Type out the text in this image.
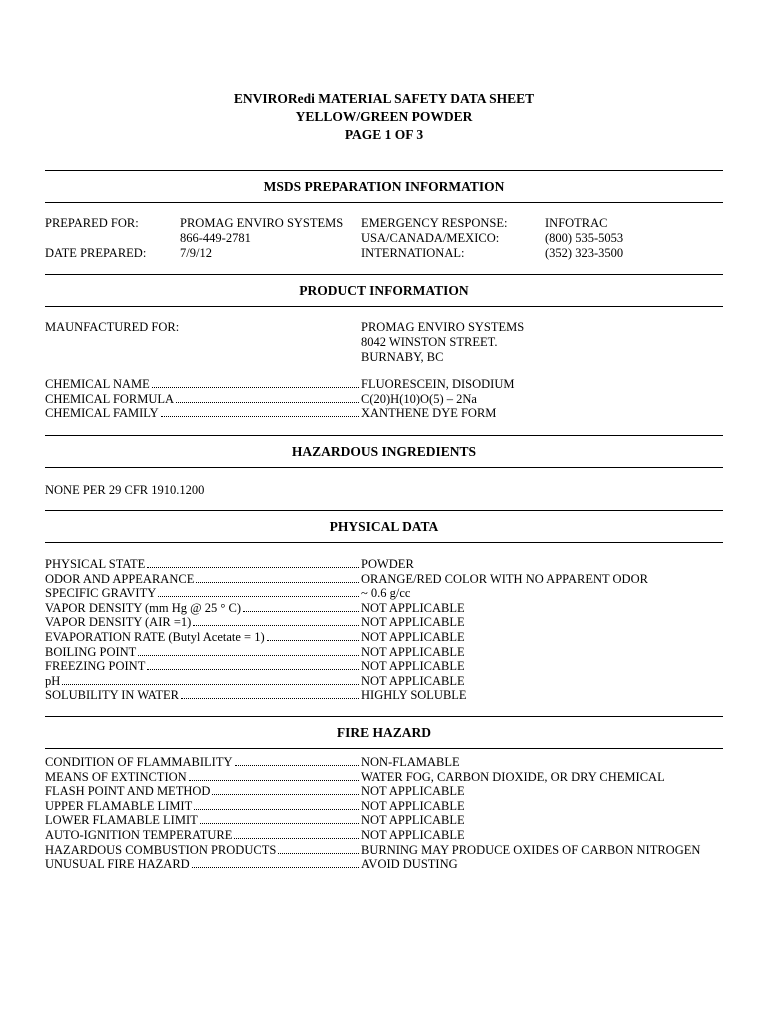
ENVIRORedi MATERIAL SAFETY DATA SHEET
YELLOW/GREEN POWDER
PAGE 1 OF 3
MSDS PREPARATION INFORMATION
PREPARED FOR:	PROMAG ENVIRO SYSTEMS
866-449-2781
DATE PREPARED:	7/9/12
EMERGENCY RESPONSE:	INFOTRAC
USA/CANADA/MEXICO:	(800) 535-5053
INTERNATIONAL:	(352) 323-3500
PRODUCT INFORMATION
MAUNFACTURED FOR:	PROMAG ENVIRO SYSTEMS
8042 WINSTON STREET.
BURNABY, BC
CHEMICAL NAME	FLUORESCEIN, DISODIUM
CHEMICAL FORMULA	C(20)H(10)O(5) – 2Na
CHEMICAL FAMILY	XANTHENE DYE FORM
HAZARDOUS INGREDIENTS
NONE PER 29 CFR 1910.1200
PHYSICAL DATA
PHYSICAL STATE	POWDER
ODOR AND APPEARANCE	ORANGE/RED COLOR WITH NO APPARENT ODOR
SPECIFIC GRAVITY	~ 0.6 g/cc
VAPOR DENSITY (mm Hg @ 25 ° C)	NOT APPLICABLE
VAPOR DENSITY (AIR =1)	NOT APPLICABLE
EVAPORATION RATE (Butyl Acetate = 1)	NOT APPLICABLE
BOILING POINT	NOT APPLICABLE
FREEZING POINT	NOT APPLICABLE
pH	NOT APPLICABLE
SOLUBILITY IN WATER	HIGHLY SOLUBLE
FIRE HAZARD
CONDITION OF FLAMMABILITY	NON-FLAMABLE
MEANS OF EXTINCTION	WATER FOG, CARBON DIOXIDE, OR DRY CHEMICAL
FLASH POINT AND METHOD	NOT APPLICABLE
UPPER FLAMABLE LIMIT	NOT APPLICABLE
LOWER FLAMABLE LIMIT	NOT APPLICABLE
AUTO-IGNITION TEMPERATURE	NOT APPLICABLE
HAZARDOUS COMBUSTION PRODUCTS	BURNING MAY PRODUCE OXIDES OF CARBON NITROGEN
UNUSUAL FIRE HAZARD	AVOID DUSTING
